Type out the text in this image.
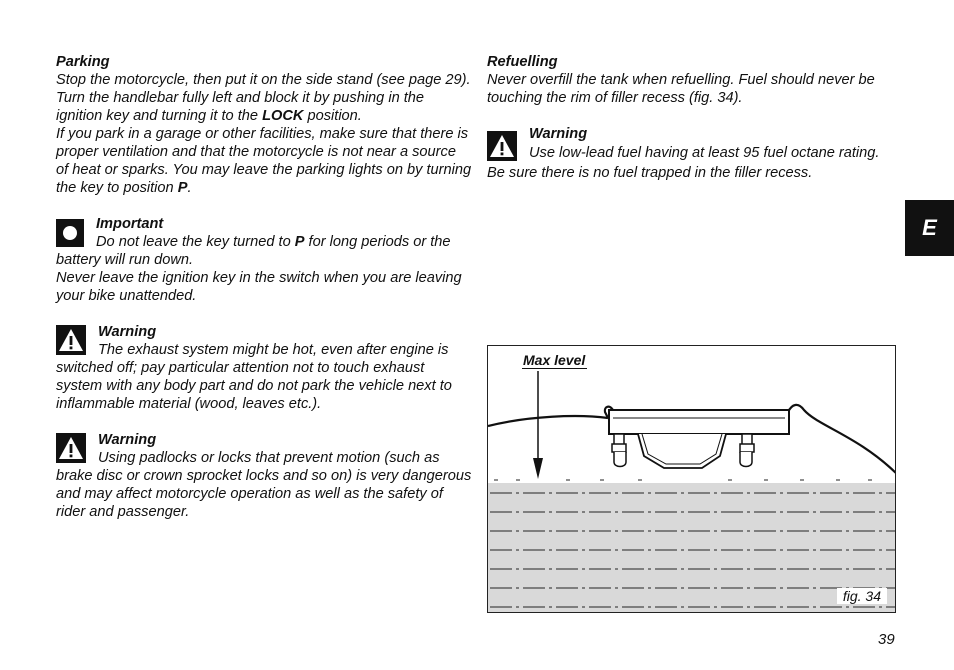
Parking

Stop the motorcycle, then put it on the side stand (see page 29).

Turn the handlebar fully left and block it by pushing in the ignition key and turning it to the LOCK position.

If you park in a garage or other facilities, make sure that there is proper ventilation and that the motorcycle is not near a source of heat or sparks. You may leave the parking lights on by turning the key to position P.

Important

Do not leave the key turned to P for long periods or the battery will run down.

Never leave the ignition key in the switch when you are leaving your bike unattended.

Warning

The exhaust system might be hot, even after engine is switched off; pay particular attention not to touch exhaust system with any body part and do not park the vehicle next to inflammable material (wood, leaves etc.).

Warning

Using padlocks or locks that prevent motion (such as brake disc or crown sprocket locks and so on) is very dangerous and may affect motorcycle operation as well as the safety of rider and passenger.

Refuelling

Never overfill the tank when refuelling. Fuel should never be touching the rim of filler recess (fig. 34).

Warning

Use low-lead fuel having at least 95 fuel octane rating. Be sure there is no fuel trapped in the filler recess.

E
Max level
fig. 34
39
